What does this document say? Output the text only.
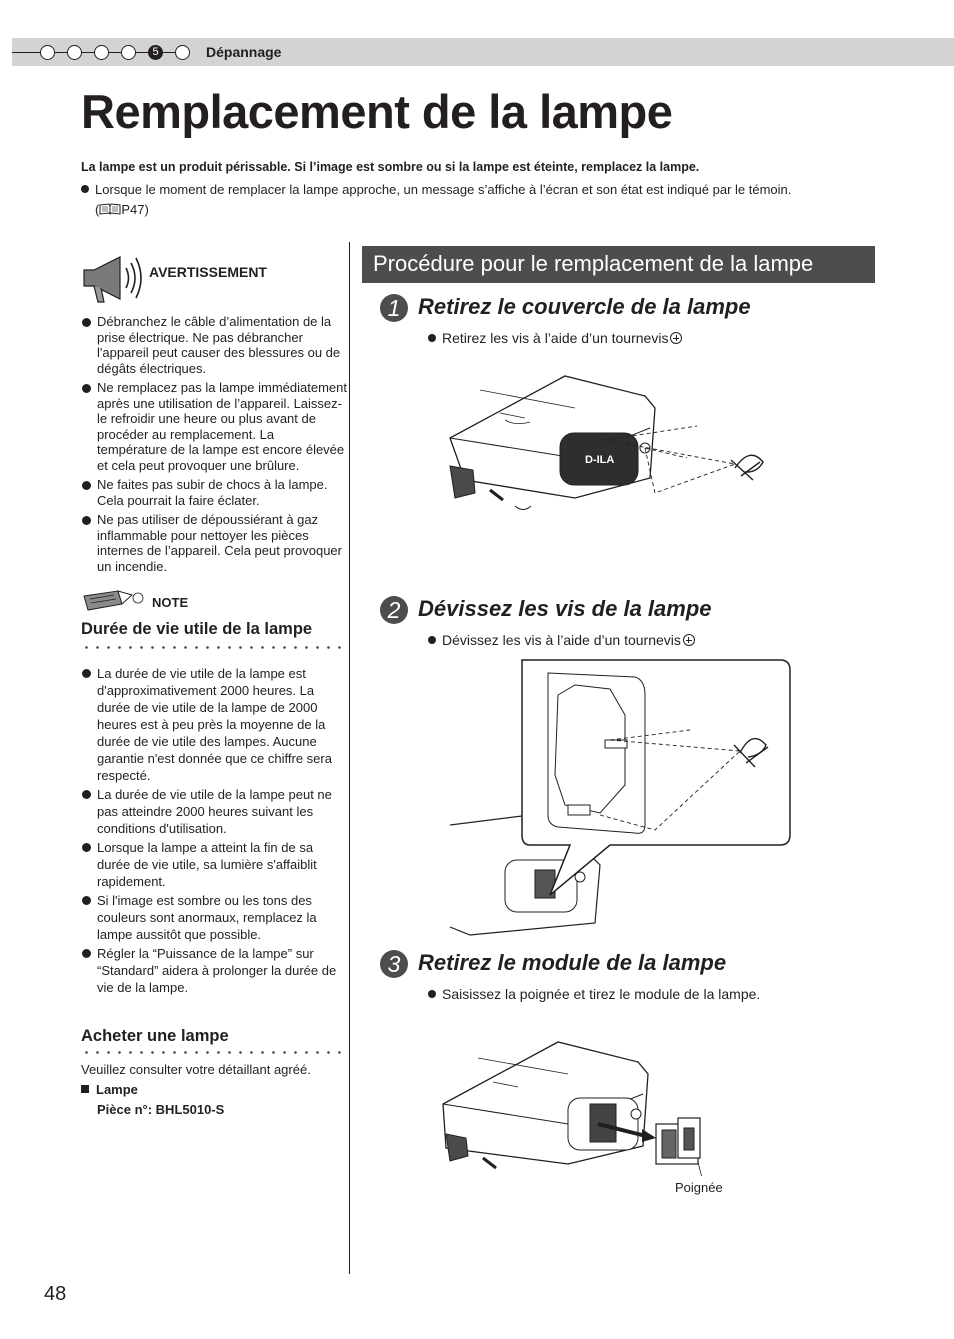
5	Dépannage
Remplacement de la lampe
La lampe est un produit périssable. Si l’image est sombre ou si la lampe est éteinte, remplacez la lampe.
Lorsque le moment de remplacer la lampe approche, un message s’affiche à l’écran et son état est indiqué par le témoin.
( P47)
AVERTISSEMENT
Débranchez le câble d’alimentation de la prise électrique. Ne pas débrancher l'appareil peut causer des blessures ou de dégâts électriques.
Ne remplacez pas la lampe immédiatement après une utilisation de l’appareil. Laissez-le refroidir une heure ou plus avant de procéder au remplacement. La température de la lampe est encore élevée et cela peut provoquer une brûlure.
Ne faites pas subir de chocs à la lampe. Cela pourrait la faire éclater.
Ne pas utiliser de dépoussiérant à gaz inflammable pour nettoyer les pièces internes de l’appareil. Cela peut provoquer un incendie.
NOTE
Durée de vie utile de la lampe
La durée de vie utile de la lampe est d'approximativement 2000 heures. La durée de vie utile de la lampe de 2000 heures est à peu près la moyenne de la durée de vie utile des lampes. Aucune garantie n'est donnée que ce chiffre sera respecté.
La durée de vie utile de la lampe peut ne pas atteindre 2000 heures suivant les conditions d'utilisation.
Lorsque la lampe a atteint la fin de sa durée de vie utile, sa lumière s'affaiblit rapidement.
Si l'image est sombre ou les tons des couleurs sont anormaux, remplacez la lampe aussitôt que possible.
Régler la “Puissance de la lampe” sur “Standard” aidera à prolonger la durée de vie de la lampe.
Acheter une lampe
Veuillez consulter votre détaillant agréé.
Lampe
Pièce n°: BHL5010-S
Procédure pour le remplacement de la lampe
1 Retirez le couvercle de la lampe
Retirez les vis à l’aide d’un tournevis
D-ILA
2 Dévissez les vis de la lampe
Dévissez les vis à l’aide d’un tournevis
3 Retirez le module de la lampe
Saisissez la poignée et tirez le module de la lampe.
Poignée
48
